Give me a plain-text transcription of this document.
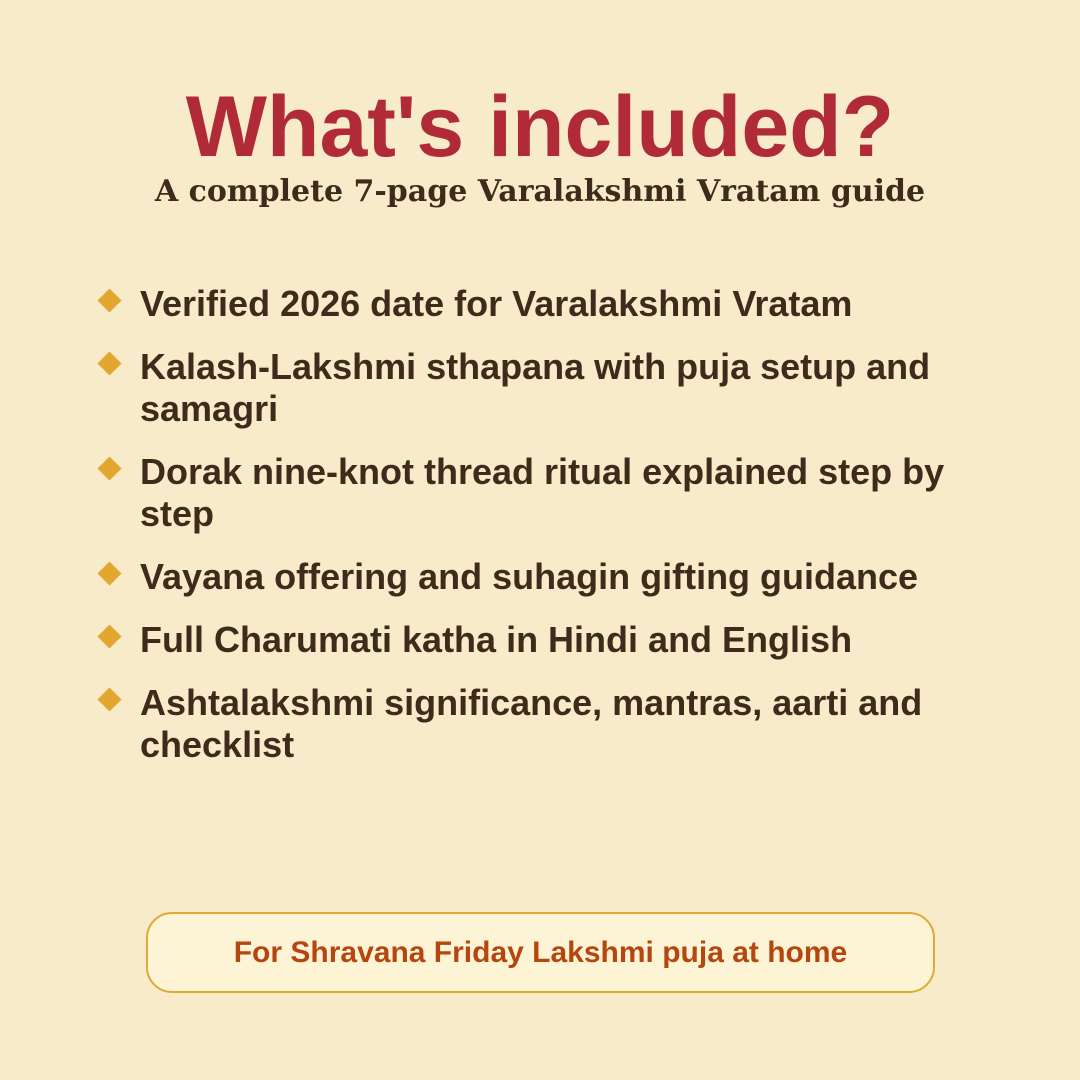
What's included?
A complete 7-page Varalakshmi Vratam guide
Verified 2026 date for Varalakshmi Vratam
Kalash-Lakshmi sthapana with puja setup and samagri
Dorak nine-knot thread ritual explained step by step
Vayana offering and suhagin gifting guidance
Full Charumati katha in Hindi and English
Ashtalakshmi significance, mantras, aarti and checklist
For Shravana Friday Lakshmi puja at home
